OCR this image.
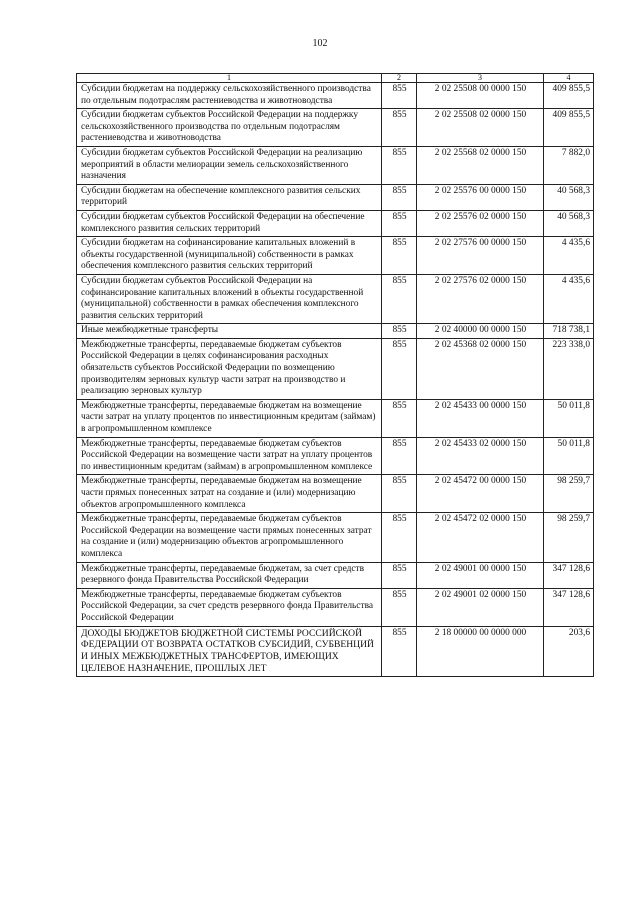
102
1	2	3	4
Субсидии бюджетам на поддержку сельскохозяйственного производства по отдельным подотраслям растениеводства и животноводства	855	2 02 25508 00 0000 150	409 855,5
Субсидии бюджетам субъектов Российской Федерации на поддержку сельскохозяйственного производства по отдельным подотраслям растениеводства и животноводства	855	2 02 25508 02 0000 150	409 855,5
Субсидии бюджетам субъектов Российской Федерации на реализацию мероприятий в области мелиорации земель сельскохозяйственного назначения	855	2 02 25568 02 0000 150	7 882,0
Субсидии бюджетам на обеспечение комплексного развития сельских территорий	855	2 02 25576 00 0000 150	40 568,3
Субсидии бюджетам субъектов Российской Федерации на обеспечение комплексного развития сельских территорий	855	2 02 25576 02 0000 150	40 568,3
Субсидии бюджетам на софинансирование капитальных вложений в объекты государственной (муниципальной) собственности в рамках обеспечения комплексного развития сельских территорий	855	2 02 27576 00 0000 150	4 435,6
Субсидии бюджетам субъектов Российской Федерации на софинансирование капитальных вложений в объекты государственной (муниципальной) собственности в рамках обеспечения комплексного развития сельских территорий	855	2 02 27576 02 0000 150	4 435,6
Иные межбюджетные трансферты	855	2 02 40000 00 0000 150	718 738,1
Межбюджетные трансферты, передаваемые бюджетам субъектов Российской Федерации в целях софинансирования расходных обязательств субъектов Российской Федерации по возмещению производителям зерновых культур части затрат на производство и реализацию зерновых культур	855	2 02 45368 02 0000 150	223 338,0
Межбюджетные трансферты, передаваемые бюджетам на возмещение части затрат на уплату процентов по инвестиционным кредитам (займам) в агропромышленном комплексе	855	2 02 45433 00 0000 150	50 011,8
Межбюджетные трансферты, передаваемые бюджетам субъектов Российской Федерации на возмещение части затрат на уплату процентов по инвестиционным кредитам (займам) в агропромышленном комплексе	855	2 02 45433 02 0000 150	50 011,8
Межбюджетные трансферты, передаваемые бюджетам на возмещение части прямых понесенных затрат на создание и (или) модернизацию объектов агропромышленного комплекса	855	2 02 45472 00 0000 150	98 259,7
Межбюджетные трансферты, передаваемые бюджетам субъектов Российской Федерации на возмещение части прямых понесенных затрат на создание и (или) модернизацию объектов агропромышленного комплекса	855	2 02 45472 02 0000 150	98 259,7
Межбюджетные трансферты, передаваемые бюджетам, за счет средств резервного фонда Правительства Российской Федерации	855	2 02 49001 00 0000 150	347 128,6
Межбюджетные трансферты, передаваемые бюджетам субъектов Российской Федерации, за счет средств резервного фонда Правительства Российской Федерации	855	2 02 49001 02 0000 150	347 128,6
ДОХОДЫ БЮДЖЕТОВ БЮДЖЕТНОЙ СИСТЕМЫ РОССИЙСКОЙ ФЕДЕРАЦИИ ОТ ВОЗВРАТА ОСТАТКОВ СУБСИДИЙ, СУБВЕНЦИЙ И ИНЫХ МЕЖБЮДЖЕТНЫХ ТРАНСФЕРТОВ, ИМЕЮЩИХ ЦЕЛЕВОЕ НАЗНАЧЕНИЕ, ПРОШЛЫХ ЛЕТ	855	2 18 00000 00 0000 000	203,6
